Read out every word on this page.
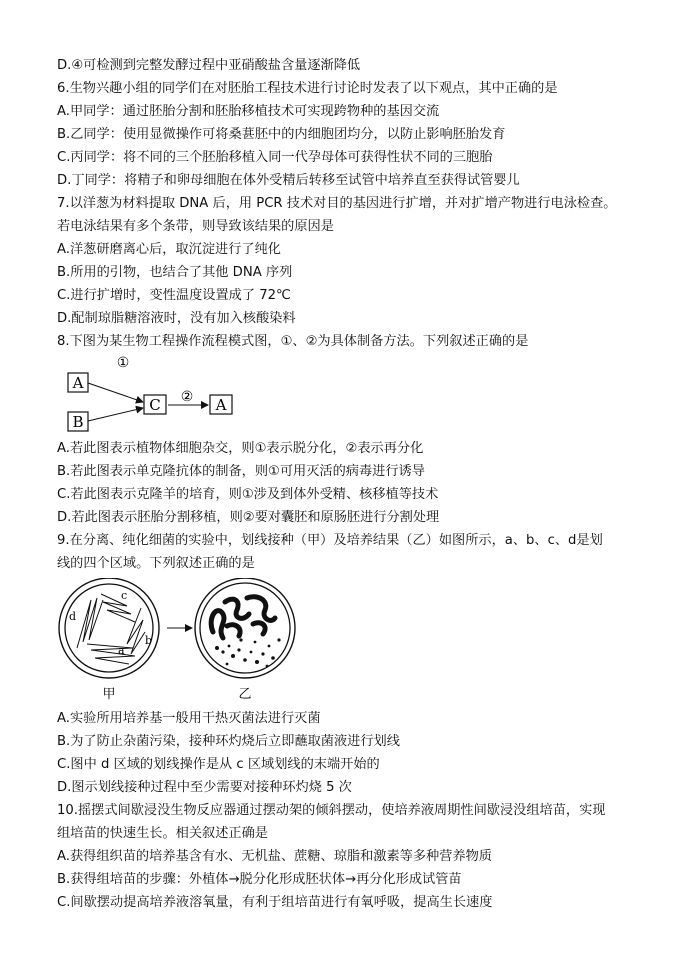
D.④可检测到完整发酵过程中亚硝酸盐含量逐渐降低
6.生物兴趣小组的同学们在对胚胎工程技术进行讨论时发表了以下观点，其中正确的是
A.甲同学：通过胚胎分割和胚胎移植技术可实现跨物种的基因交流
B.乙同学：使用显微操作可将桑葚胚中的内细胞团均分，以防止影响胚胎发育
C.丙同学：将不同的三个胚胎移植入同一代孕母体可获得性状不同的三胞胎
D.丁同学：将精子和卵母细胞在体外受精后转移至试管中培养直至获得试管婴儿
7.以洋葱为材料提取 DNA 后，用 PCR 技术对目的基因进行扩增，并对扩增产物进行电泳检查。
若电泳结果有多个条带，则导致该结果的原因是
A.洋葱研磨离心后，取沉淀进行了纯化
B.所用的引物，也结合了其他 DNA 序列
C.进行扩增时，变性温度设置成了 72℃
D.配制琼脂糖溶液时，没有加入核酸染料
8.下图为某生物工程操作流程模式图，①、②为具体制备方法。下列叙述正确的是
A
B
C	A
①
②
A.若此图表示植物体细胞杂交，则①表示脱分化，②表示再分化
B.若此图表示单克隆抗体的制备，则①可用灭活的病毒进行诱导
C.若此图表示克隆羊的培育，则①涉及到体外受精、核移植等技术
D.若此图表示胚胎分割移植，则②要对囊胚和原肠胚进行分割处理
9.在分离、纯化细菌的实验中，划线接种（甲）及培养结果（乙）如图所示，a、b、c、d是划
线的四个区域。下列叙述正确的是
a
b
c
d
甲	乙
A.实验所用培养基一般用干热灭菌法进行灭菌
B.为了防止杂菌污染，接种环灼烧后立即蘸取菌液进行划线
C.图中 d 区域的划线操作是从 c 区域划线的末端开始的
D.图示划线接种过程中至少需要对接种环灼烧 5 次
10.摇摆式间歇浸没生物反应器通过摆动架的倾斜摆动，使培养液周期性间歇浸没组培苗，实现
组培苗的快速生长。相关叙述正确是
A.获得组织苗的培养基含有水、无机盐、蔗糖、琼脂和激素等多种营养物质
B.获得组培苗的步骤：外植体→脱分化形成胚状体→再分化形成试管苗
C.间歇摆动提高培养液溶氧量，有利于组培苗进行有氧呼吸，提高生长速度
